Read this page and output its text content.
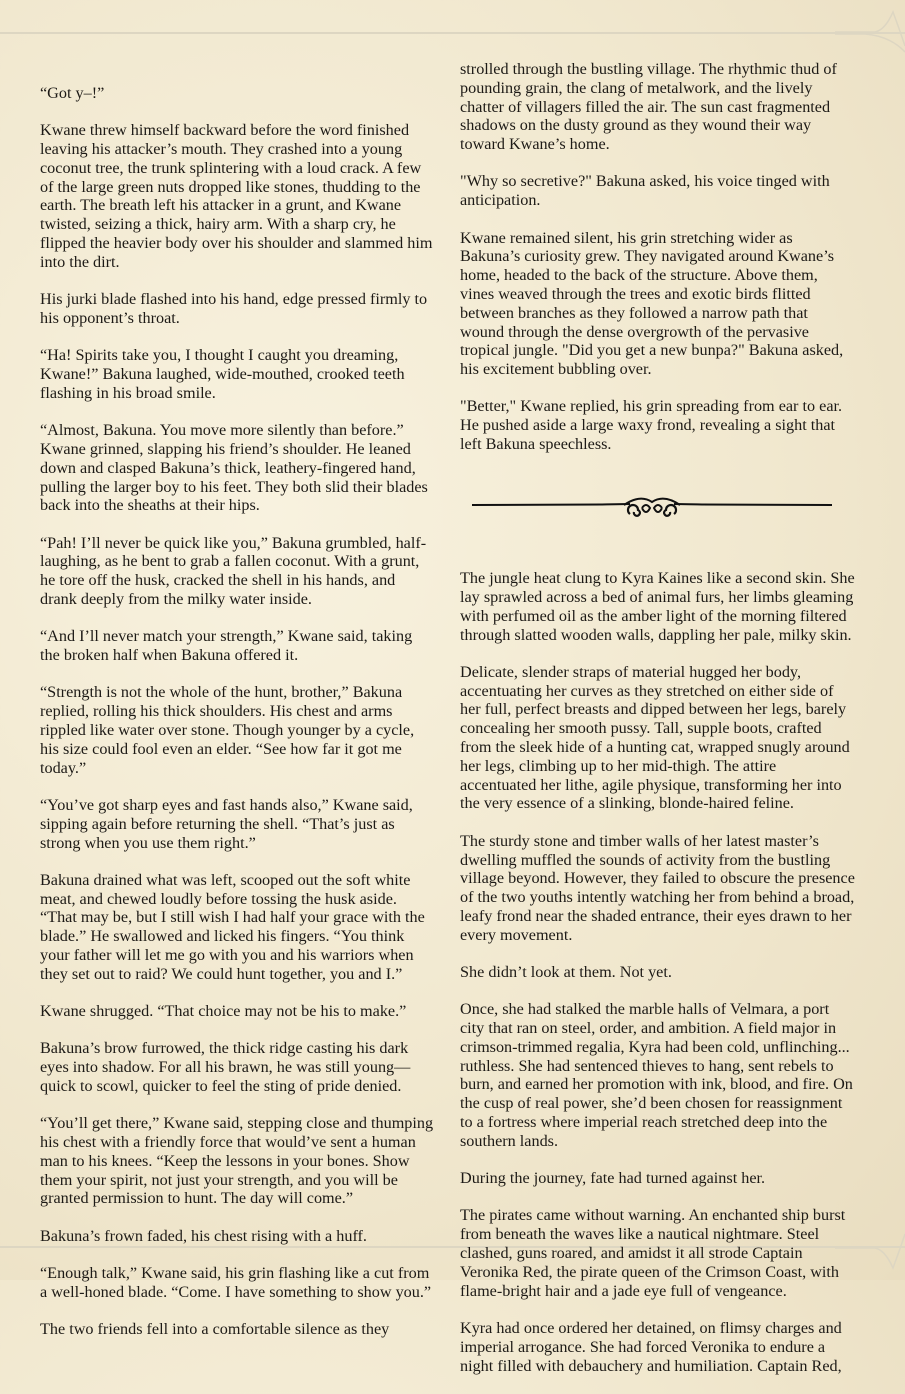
“Got y–!”

Kwane threw himself backward before the word finished leaving his attacker’s mouth. They crashed into a young coconut tree, the trunk splintering with a loud crack. A few of the large green nuts dropped like stones, thudding to the earth. The breath left his attacker in a grunt, and Kwane twisted, seizing a thick, hairy arm. With a sharp cry, he flipped the heavier body over his shoulder and slammed him into the dirt.

His jurki blade flashed into his hand, edge pressed firmly to his opponent’s throat.

“Ha! Spirits take you, I thought I caught you dreaming, Kwane!” Bakuna laughed, wide-mouthed, crooked teeth flashing in his broad smile.

“Almost, Bakuna. You move more silently than before.” Kwane grinned, slapping his friend’s shoulder. He leaned down and clasped Bakuna’s thick, leathery-fingered hand, pulling the larger boy to his feet. They both slid their blades back into the sheaths at their hips.

“Pah! I’ll never be quick like you,” Bakuna grumbled, half-laughing, as he bent to grab a fallen coconut. With a grunt, he tore off the husk, cracked the shell in his hands, and drank deeply from the milky water inside.

“And I’ll never match your strength,” Kwane said, taking the broken half when Bakuna offered it.

“Strength is not the whole of the hunt, brother,” Bakuna replied, rolling his thick shoulders. His chest and arms rippled like water over stone. Though younger by a cycle, his size could fool even an elder. “See how far it got me today.”

“You’ve got sharp eyes and fast hands also,” Kwane said, sipping again before returning the shell. “That’s just as strong when you use them right.”

Bakuna drained what was left, scooped out the soft white meat, and chewed loudly before tossing the husk aside. “That may be, but I still wish I had half your grace with the blade.” He swallowed and licked his fingers. “You think your father will let me go with you and his warriors when they set out to raid? We could hunt together, you and I.”

Kwane shrugged. “That choice may not be his to make.”

Bakuna’s brow furrowed, the thick ridge casting his dark eyes into shadow. For all his brawn, he was still young—quick to scowl, quicker to feel the sting of pride denied.

“You’ll get there,” Kwane said, stepping close and thumping his chest with a friendly force that would’ve sent a human man to his knees. “Keep the lessons in your bones. Show them your spirit, not just your strength, and you will be granted permission to hunt. The day will come.”

Bakuna’s frown faded, his chest rising with a huff.

“Enough talk,” Kwane said, his grin flashing like a cut from a well-honed blade. “Come. I have something to show you.”

The two friends fell into a comfortable silence as they

strolled through the bustling village. The rhythmic thud of pounding grain, the clang of metalwork, and the lively chatter of villagers filled the air. The sun cast fragmented shadows on the dusty ground as they wound their way toward Kwane’s home.

"Why so secretive?" Bakuna asked, his voice tinged with anticipation.

Kwane remained silent, his grin stretching wider as Bakuna’s curiosity grew. They navigated around Kwane’s home, headed to the back of the structure. Above them, vines weaved through the trees and exotic birds flitted between branches as they followed a narrow path that wound through the dense overgrowth of the pervasive tropical jungle. "Did you get a new bunpa?" Bakuna asked, his excitement bubbling over.

"Better," Kwane replied, his grin spreading from ear to ear. He pushed aside a large waxy frond, revealing a sight that left Bakuna speechless.

The jungle heat clung to Kyra Kaines like a second skin. She lay sprawled across a bed of animal furs, her limbs gleaming with perfumed oil as the amber light of the morning filtered through slatted wooden walls, dappling her pale, milky skin.

Delicate, slender straps of material hugged her body, accentuating her curves as they stretched on either side of her full, perfect breasts and dipped between her legs, barely concealing her smooth pussy. Tall, supple boots, crafted from the sleek hide of a hunting cat, wrapped snugly around her legs, climbing up to her mid-thigh. The attire accentuated her lithe, agile physique, transforming her into the very essence of a slinking, blonde-haired feline.

The sturdy stone and timber walls of her latest master’s dwelling muffled the sounds of activity from the bustling village beyond. However, they failed to obscure the presence of the two youths intently watching her from behind a broad, leafy frond near the shaded entrance, their eyes drawn to her every movement.

She didn’t look at them. Not yet.

Once, she had stalked the marble halls of Velmara, a port city that ran on steel, order, and ambition. A field major in crimson-trimmed regalia, Kyra had been cold, unflinching... ruthless. She had sentenced thieves to hang, sent rebels to burn, and earned her promotion with ink, blood, and fire. On the cusp of real power, she’d been chosen for reassignment to a fortress where imperial reach stretched deep into the southern lands.

During the journey, fate had turned against her.

The pirates came without warning. An enchanted ship burst from beneath the waves like a nautical nightmare. Steel clashed, guns roared, and amidst it all strode Captain Veronika Red, the pirate queen of the Crimson Coast, with flame-bright hair and a jade eye full of vengeance.

Kyra had once ordered her detained, on flimsy charges and imperial arrogance. She had forced Veronika to endure a night filled with debauchery and humiliation. Captain Red,
